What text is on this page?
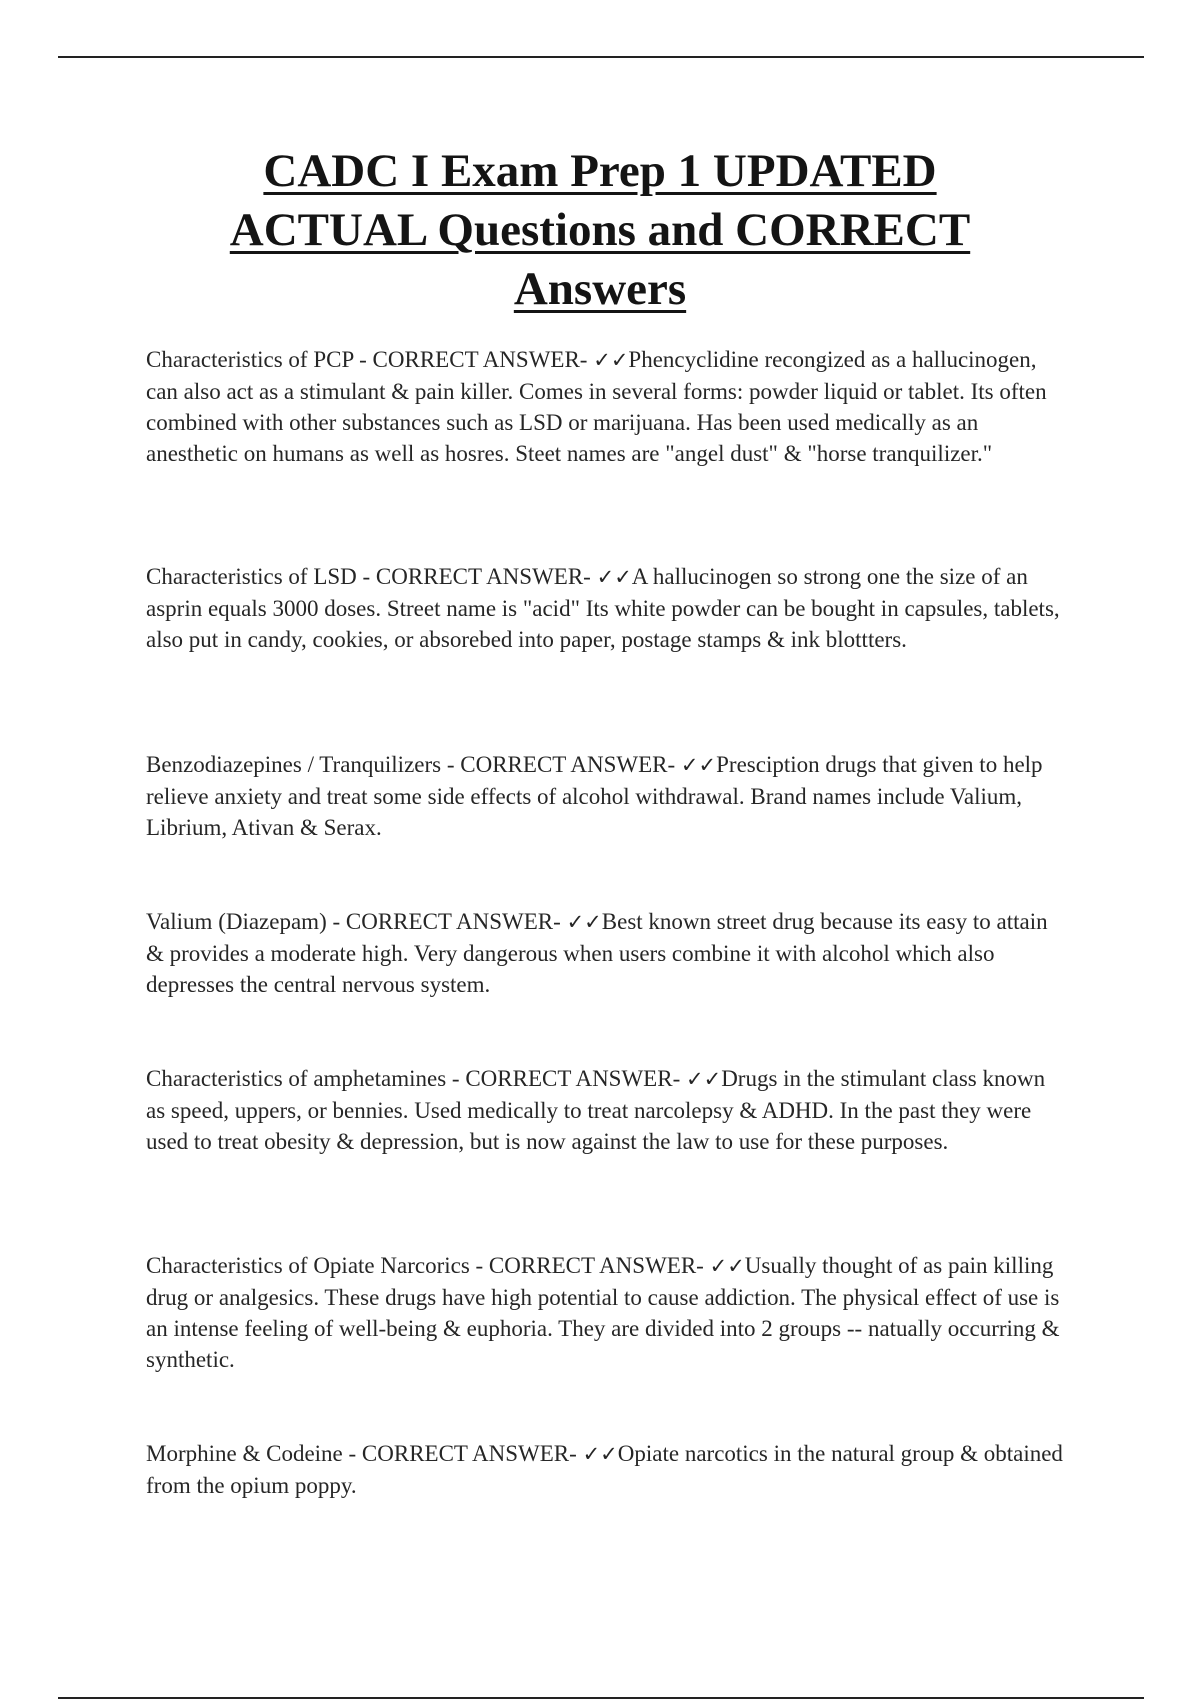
CADC I Exam Prep 1 UPDATED
ACTUAL Questions and CORRECT
Answers

Characteristics of PCP - CORRECT ANSWER- ✓✓Phencyclidine recongized as a hallucinogen, can also act as a stimulant & pain killer. Comes in several forms: powder liquid or tablet. Its often combined with other substances such as LSD or marijuana. Has been used medically as an anesthetic on humans as well as hosres. Steet names are "angel dust" & "horse tranquilizer."

Characteristics of LSD - CORRECT ANSWER- ✓✓A hallucinogen so strong one the size of an asprin equals 3000 doses. Street name is "acid" Its white powder can be bought in capsules, tablets, also put in candy, cookies, or absorebed into paper, postage stamps & ink blottters.

Benzodiazepines / Tranquilizers - CORRECT ANSWER- ✓✓Presciption drugs that given to help relieve anxiety and treat some side effects of alcohol withdrawal. Brand names include Valium, Librium, Ativan & Serax.

Valium (Diazepam) - CORRECT ANSWER- ✓✓Best known street drug because its easy to attain & provides a moderate high. Very dangerous when users combine it with alcohol which also depresses the central nervous system.

Characteristics of amphetamines - CORRECT ANSWER- ✓✓Drugs in the stimulant class known as speed, uppers, or bennies. Used medically to treat narcolepsy & ADHD. In the past they were used to treat obesity & depression, but is now against the law to use for these purposes.

Characteristics of Opiate Narcorics - CORRECT ANSWER- ✓✓Usually thought of as pain killing drug or analgesics. These drugs have high potential to cause addiction. The physical effect of use is an intense feeling of well-being & euphoria. They are divided into 2 groups -- natually occurring & synthetic.

Morphine & Codeine - CORRECT ANSWER- ✓✓Opiate narcotics in the natural group & obtained from the opium poppy.
